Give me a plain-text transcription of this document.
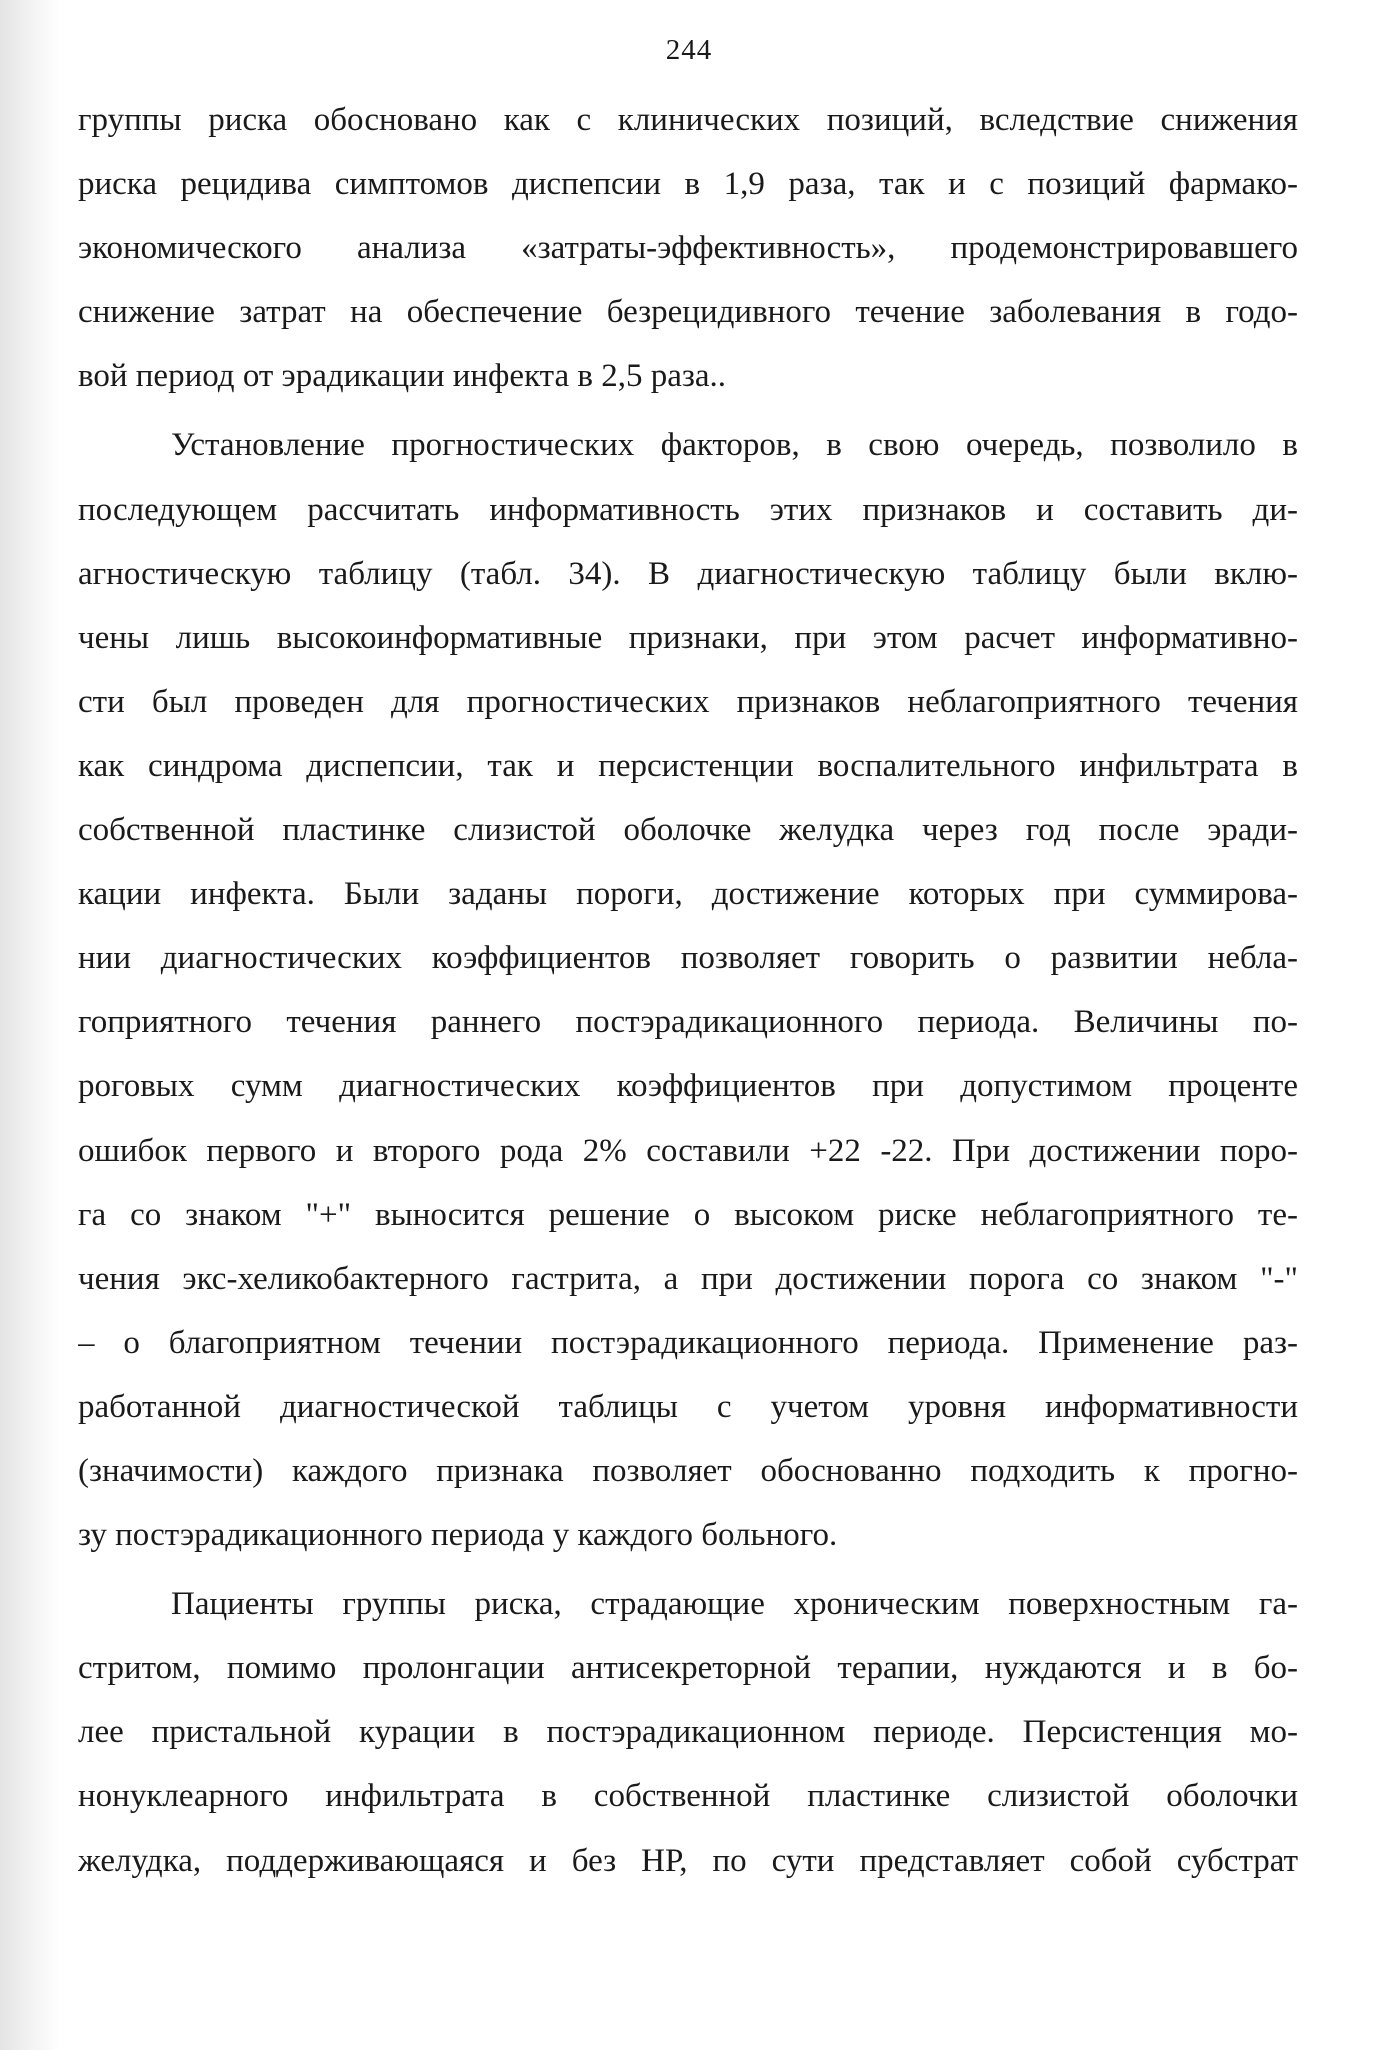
244
группы риска обосновано как с клинических позиций, вследствие снижения
риска рецидива симптомов диспепсии в 1,9 раза, так и с позиций фармако-
экономического анализа «затраты-эффективность», продемонстрировавшего
снижение затрат на обеспечение безрецидивного течение заболевания в годо-
вой период от эрадикации инфекта в 2,5 раза..
Установление прогностических факторов, в свою очередь, позволило в
последующем рассчитать информативность этих признаков и составить ди-
агностическую таблицу (табл. 34). В диагностическую таблицу были вклю-
чены лишь высокоинформативные признаки, при этом расчет информативно-
сти был проведен для прогностических признаков неблагоприятного течения
как синдрома диспепсии, так и персистенции воспалительного инфильтрата в
собственной пластинке слизистой оболочке желудка через год после эради-
кации инфекта. Были заданы пороги, достижение которых при суммирова-
нии диагностических коэффициентов позволяет говорить о развитии небла-
гоприятного течения раннего постэрадикационного периода. Величины по-
роговых сумм диагностических коэффициентов при допустимом проценте
ошибок первого и второго рода 2% составили +22 -22. При достижении поро-
га со знаком "+" выносится решение о высоком риске неблагоприятного те-
чения экс-хеликобактерного гастрита, а при достижении порога со знаком "-"
– о благоприятном течении постэрадикационного периода. Применение раз-
работанной диагностической таблицы с учетом уровня информативности
(значимости) каждого признака позволяет обоснованно подходить к прогно-
зу постэрадикационного периода у каждого больного.
Пациенты группы риска, страдающие хроническим поверхностным га-
стритом, помимо пролонгации антисекреторной терапии, нуждаются и в бо-
лее пристальной курации в постэрадикационном периоде. Персистенция мо-
нонуклеарного инфильтрата в собственной пластинке слизистой оболочки
желудка, поддерживающаяся и без НР, по сути представляет собой субстрат
